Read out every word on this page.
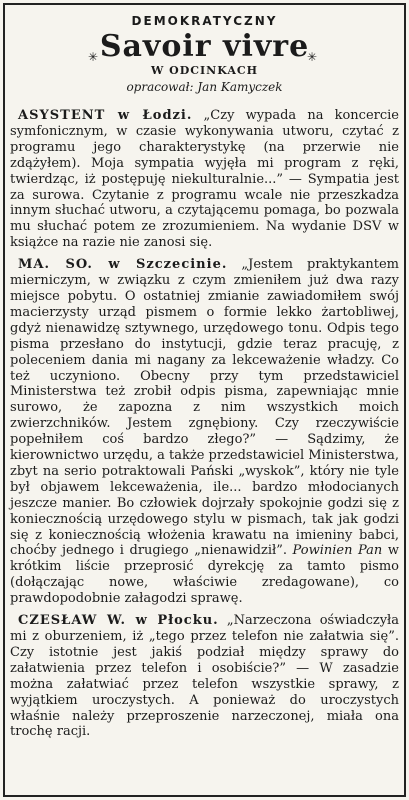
DEMOKRATYCZNY
Savoir vivre
W ODCINKACH
opracował: Jan Kamyczek
✳	✳

ASYSTENT w Łodzi. „Czy wypada na koncercie symfonicznym, w czasie wykonywania utworu, czytać z programu jego charakterystykę (na przerwie nie zdążyłem). Moja sympatia wyjęła mi program z ręki, twierdząc, iż postępuję niekulturalnie...” — Sympatia jest za surowa. Czytanie z programu wcale nie przeszkadza innym słuchać utworu, a czytającemu pomaga, bo pozwala mu słuchać potem ze zrozumieniem. Na wydanie DSV w książce na razie nie zanosi się.

MA. SO. w Szczecinie. „Jestem praktykantem mierniczym, w związku z czym zmieniłem już dwa razy miejsce pobytu. O ostatniej zmianie zawiadomiłem swój macierzysty urząd pismem o formie lekko żartobliwej, gdyż nienawidzę sztywnego, urzędowego tonu. Odpis tego pisma przesłano do instytucji, gdzie teraz pracuję, z poleceniem dania mi nagany za lekceważenie władzy. Co też uczyniono. Obecny przy tym przedstawiciel Ministerstwa też zrobił odpis pisma, zapewniając mnie surowo, że zapozna z nim wszystkich moich zwierzchników. Jestem zgnębiony. Czy rzeczywiście popełniłem coś bardzo złego?” — Sądzimy, że kierownictwo urzędu, a także przedstawiciel Ministerstwa, zbyt na serio potraktowali Pański „wyskok”, który nie tyle był objawem lekceważenia, ile... bardzo młodocianych jeszcze manier. Bo człowiek dojrzały spokojnie godzi się z koniecznością urzędowego stylu w pismach, tak jak godzi się z koniecznością włożenia krawatu na imieniny babci, choćby jednego i drugiego „nienawidził”. Powinien Pan w krótkim liście przeprosić dyrekcję za tamto pismo (dołączając nowe, właściwie zredagowane), co prawdopodobnie załagodzi sprawę.

CZESŁAW W. w Płocku. „Narzeczona oświadczyła mi z oburzeniem, iż „tego przez telefon nie załatwia się”. Czy istotnie jest jakiś podział między sprawy do załatwienia przez telefon i osobiście?” — W zasadzie można załatwiać przez telefon wszystkie sprawy, z wyjątkiem uroczystych. A ponieważ do uroczystych właśnie należy przeproszenie narzeczonej, miała ona trochę racji.
